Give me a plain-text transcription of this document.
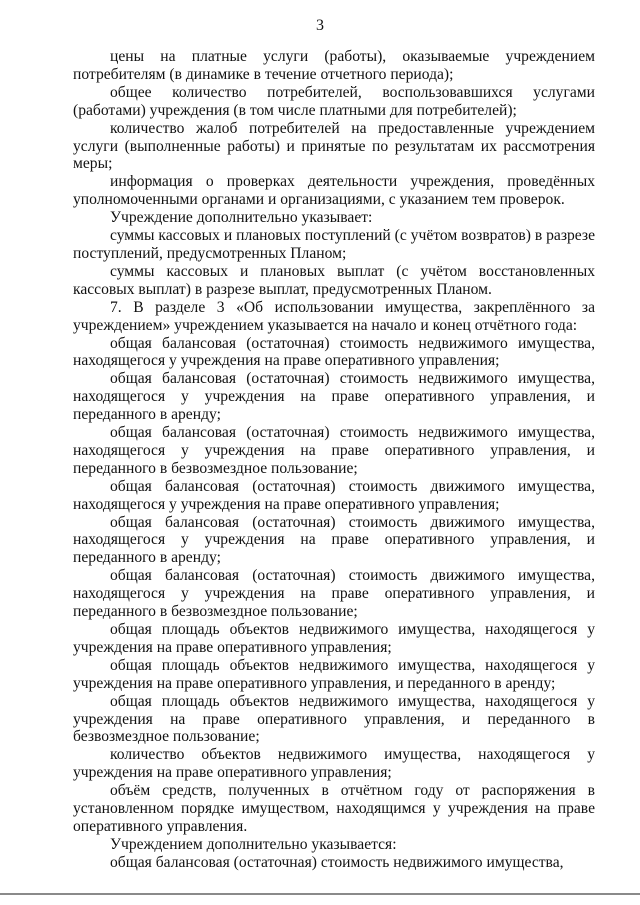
3

цены на платные услуги (работы), оказываемые учреждением потребителям (в динамике в течение отчетного периода);

общее количество потребителей, воспользовавшихся услугами (работами) учреждения (в том числе платными для потребителей);

количество жалоб потребителей на предоставленные учреждением услуги (выполненные работы) и принятые по результатам их рассмотрения меры;

информация о проверках деятельности учреждения, проведённых уполномоченными органами и организациями, с указанием тем проверок.

Учреждение дополнительно указывает:

суммы кассовых и плановых поступлений (с учётом возвратов) в разрезе поступлений, предусмотренных Планом;

суммы кассовых и плановых выплат (с учётом восстановленных кассовых выплат) в разрезе выплат, предусмотренных Планом.

7. В разделе 3 «Об использовании имущества, закреплённого за учреждением» учреждением указывается на начало и конец отчётного года:

общая балансовая (остаточная) стоимость недвижимого имущества, находящегося у учреждения на праве оперативного управления;

общая балансовая (остаточная) стоимость недвижимого имущества, находящегося у учреждения на праве оперативного управления, и переданного в аренду;

общая балансовая (остаточная) стоимость недвижимого имущества, находящегося у учреждения на праве оперативного управления, и переданного в безвозмездное пользование;

общая балансовая (остаточная) стоимость движимого имущества, находящегося у учреждения на праве оперативного управления;

общая балансовая (остаточная) стоимость движимого имущества, находящегося у учреждения на праве оперативного управления, и переданного в аренду;

общая балансовая (остаточная) стоимость движимого имущества, находящегося у учреждения на праве оперативного управления, и переданного в безвозмездное пользование;

общая площадь объектов недвижимого имущества, находящегося у учреждения на праве оперативного управления;

общая площадь объектов недвижимого имущества, находящегося у учреждения на праве оперативного управления, и переданного в аренду;

общая площадь объектов недвижимого имущества, находящегося у учреждения на праве оперативного управления, и переданного в безвозмездное пользование;

количество объектов недвижимого имущества, находящегося у учреждения на праве оперативного управления;

объём средств, полученных в отчётном году от распоряжения в установленном порядке имуществом, находящимся у учреждения на праве оперативного управления.

Учреждением дополнительно указывается:

общая балансовая (остаточная) стоимость недвижимого имущества,
